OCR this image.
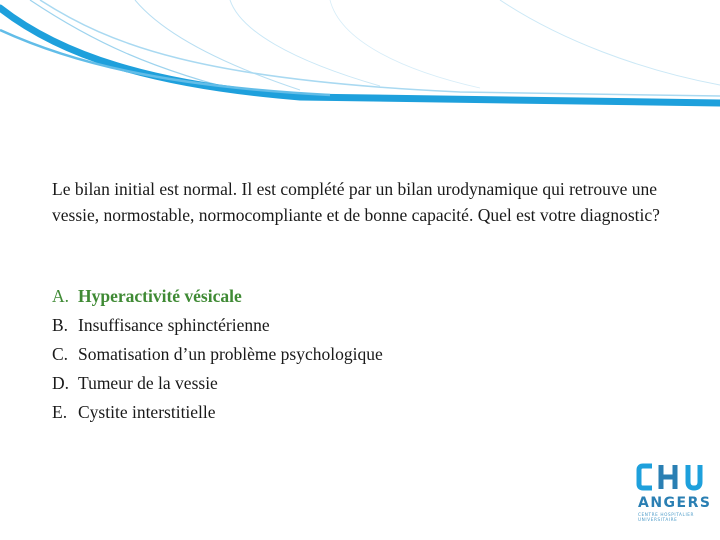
Le bilan initial est normal. Il est complété par un bilan urodynamique qui retrouve une vessie, normostable, normocompliante et de bonne capacité. Quel est votre diagnostic?

A. Hyperactivité vésicale
B. Insuffisance sphinctérienne
C. Somatisation d’un problème psychologique
D. Tumeur de la vessie
E. Cystite interstitielle
ANGERS
CENTRE HOSPITALIER
UNIVERSITAIRE
